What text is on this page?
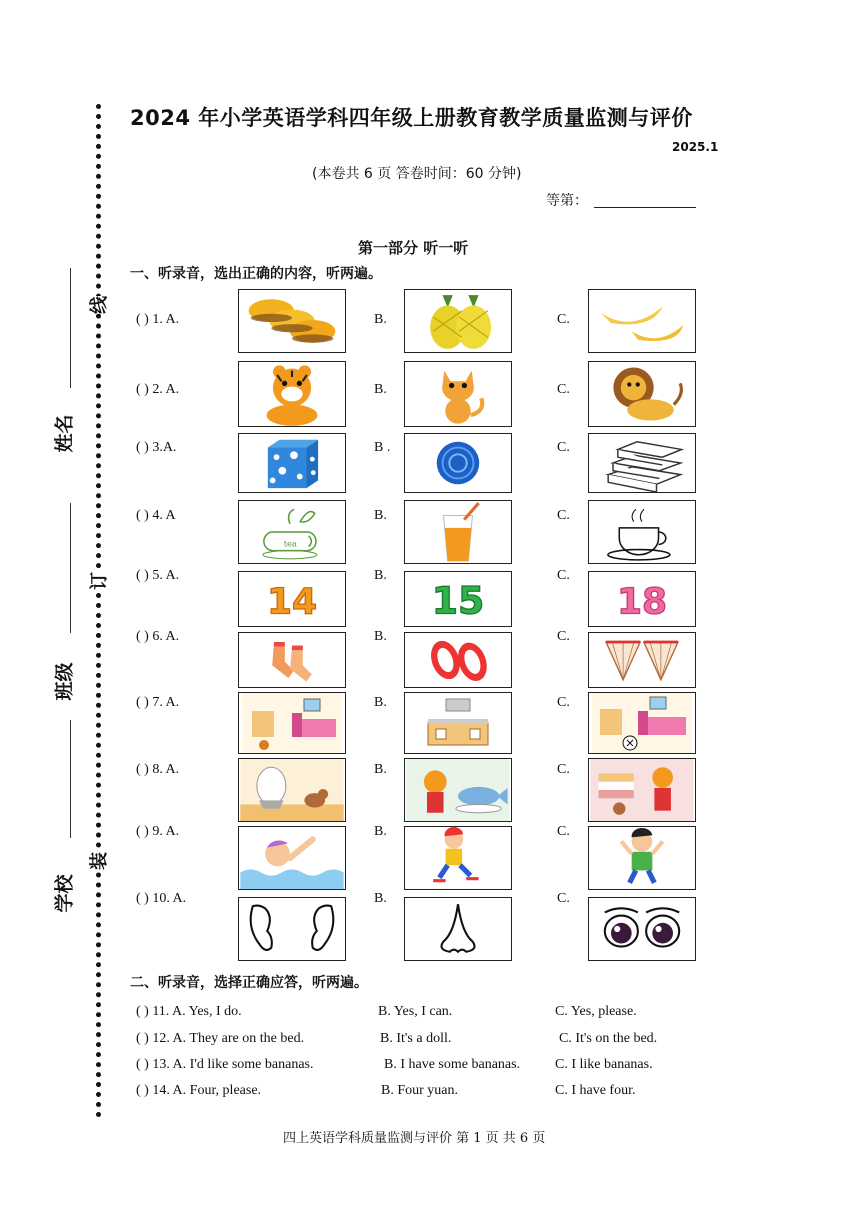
2024 年小学英语学科四年级上册教育教学质量监测与评价
2025.1
(本卷共 6 页 答卷时间：60 分钟)
等第：
线
订
装
姓名
班级
学校
第一部分 听一听
一、听录音，选出正确的内容，听两遍。
( ) 1. A.	B.	C.
( ) 2. A.	B.	C.
( ) 3.A.	B .	C.
( ) 4. A	B.	C.
tea
( ) 5. A.	B.	C.
14	15	18
( ) 6. A.	B.	C.
( ) 7. A.	B.	C.
( ) 8. A.	B.	C.
( ) 9. A.	B.	C.
( ) 10. A.	B.	C.
二、听录音，选择正确应答，听两遍。
( ) 11. A. Yes, I do.	B. Yes, I can.	C. Yes, please.
( ) 12. A. They are on the bed.	B. It's a doll.	C. It's on the bed.
( ) 13. A. I'd like some bananas.	B. I have some bananas. C. I like bananas.
( ) 14. A. Four, please.	B. Four yuan.	C. I have four.
四上英语学科质量监测与评价 第 1 页 共 6 页
